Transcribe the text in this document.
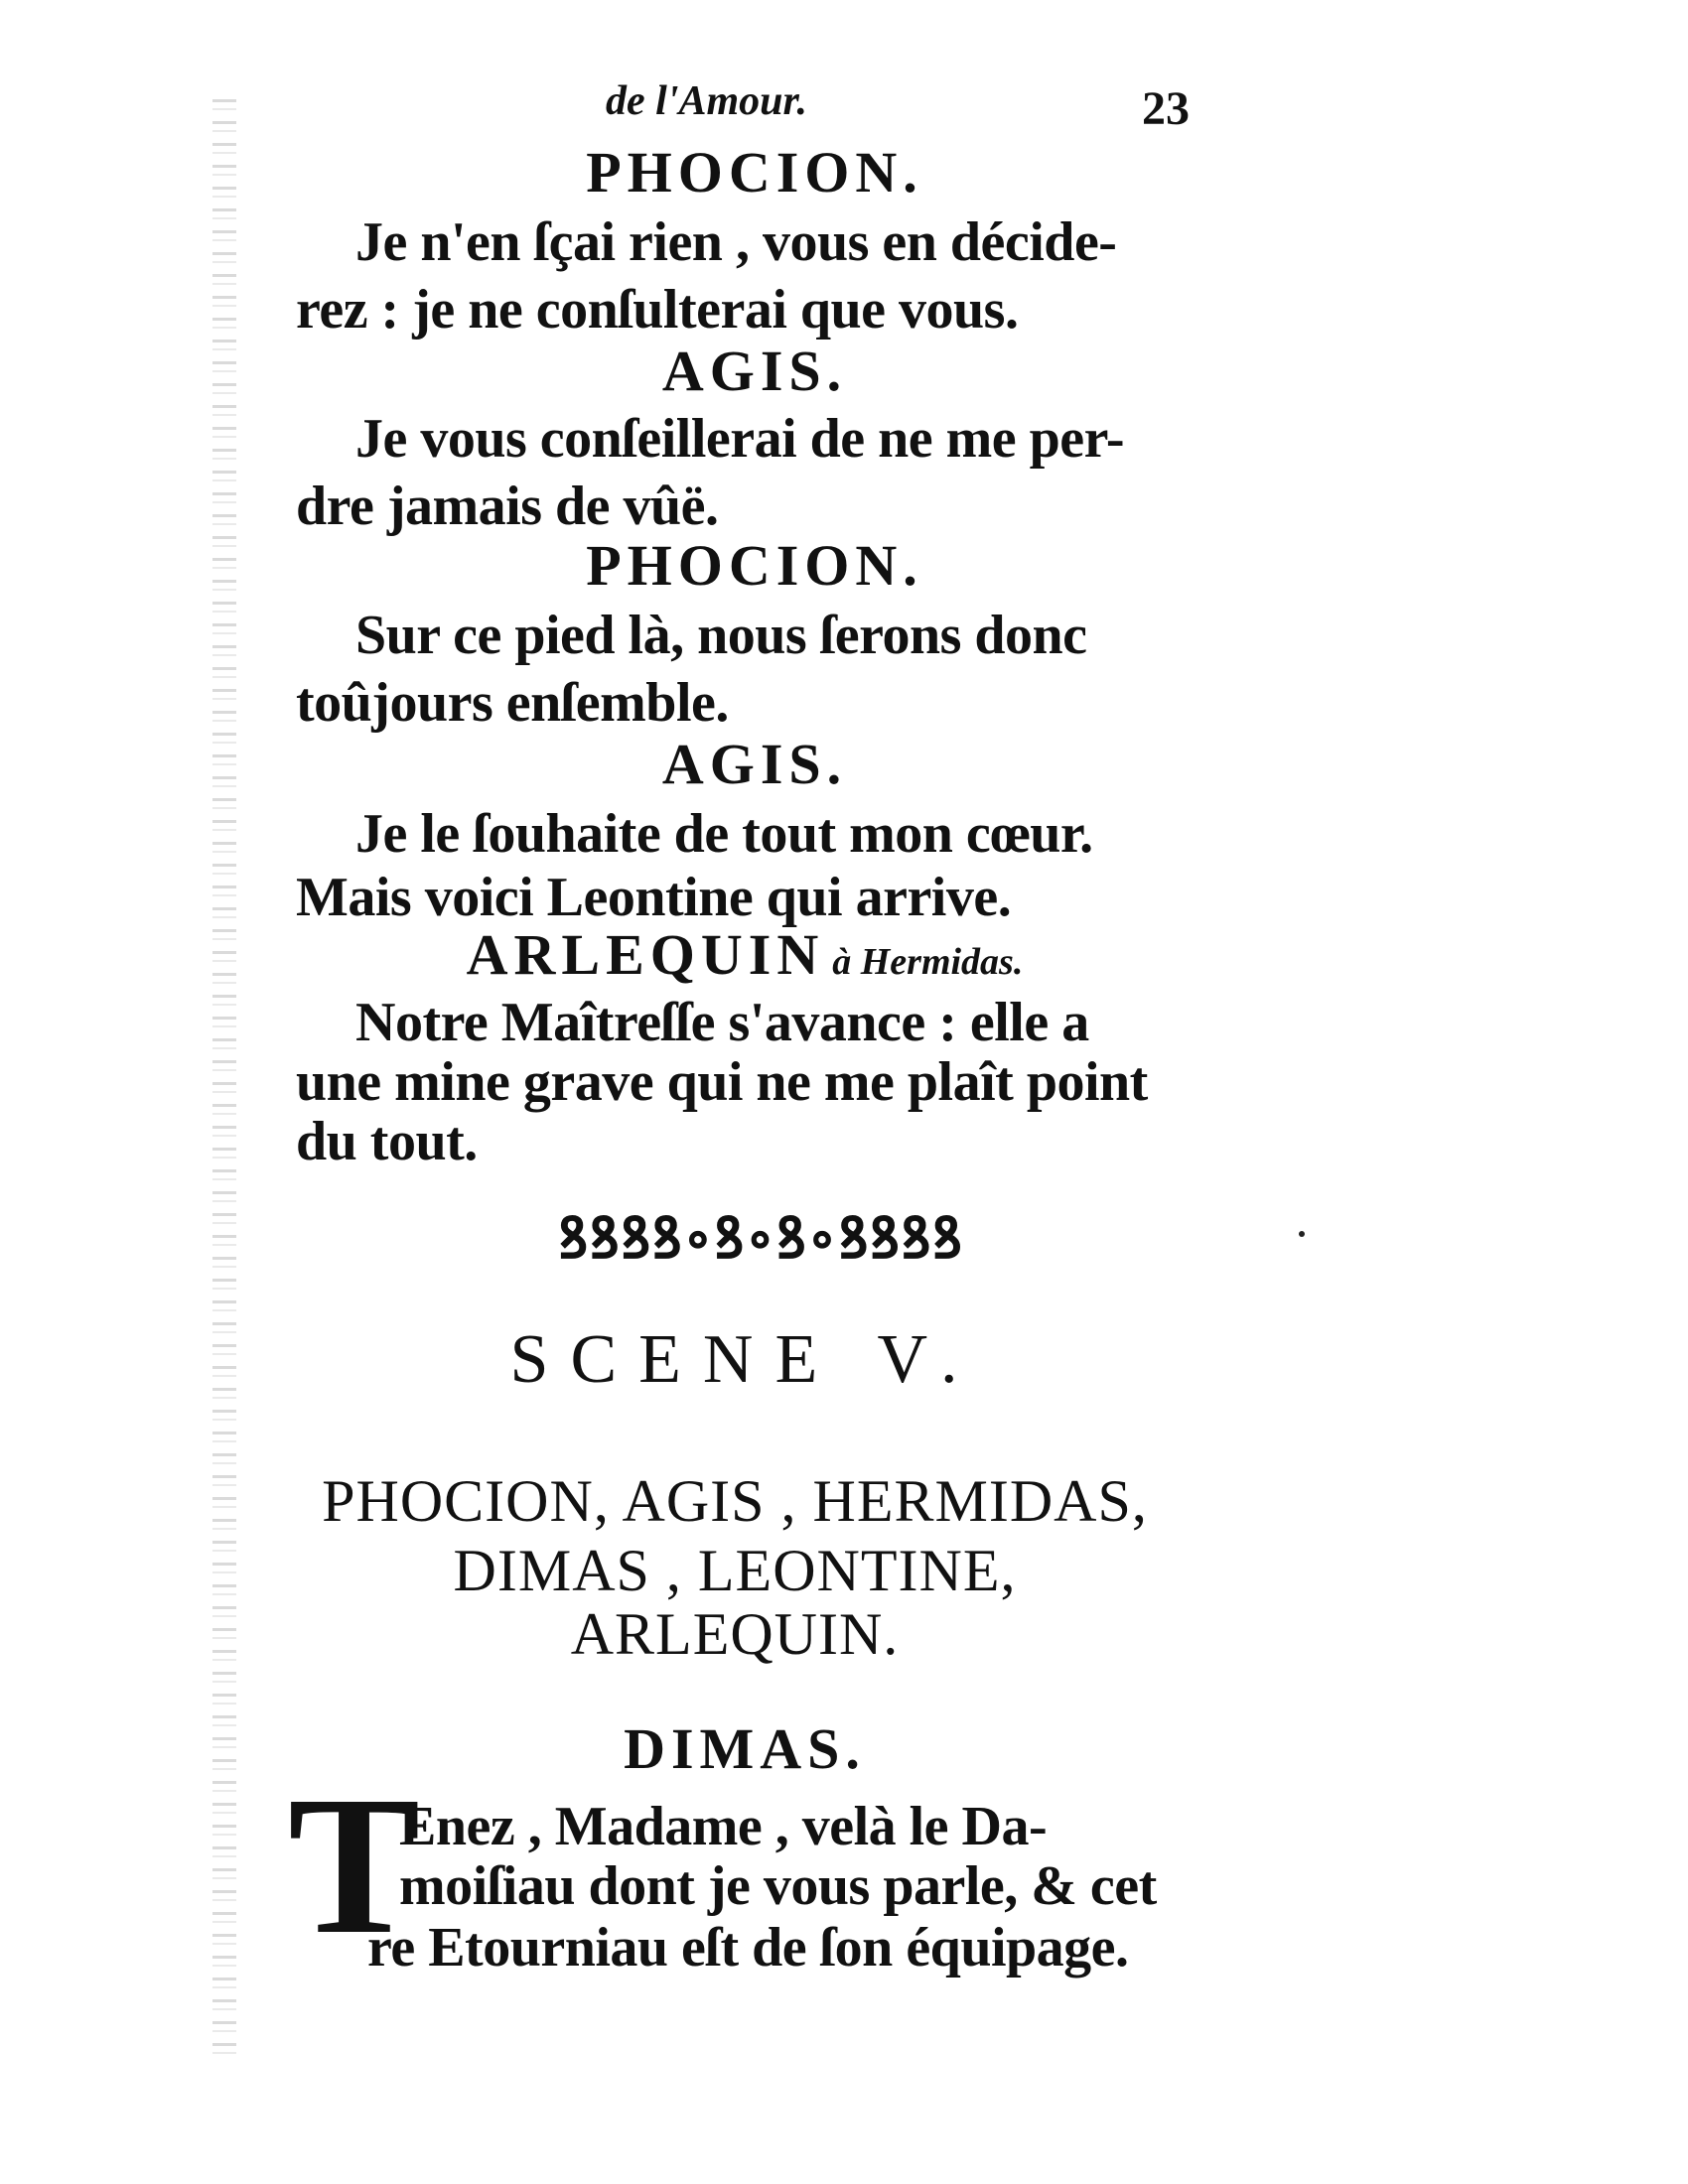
de l'Amour.	23
PHOCION.
Je n'en ſçai rien , vous en décide-
rez : je ne conſulterai que vous.
AGIS.
Je vous conſeillerai de ne me per-
dre jamais de vûë.
PHOCION.
Sur ce pied là, nous ſerons donc
toûjours enſemble.
AGIS.
Je le ſouhaite de tout mon cœur.
Mais voici Leontine qui arrive.
ARLEQUIN à Hermidas.
Notre Maîtreſſe s'avance : elle a
une mine grave qui ne me plaît point
du tout.
ꝸꝸꝸꝸ∘ꝸ∘ꝸ∘ꝸꝸꝸꝸ
SCENE V.
PHOCION, AGIS , HERMIDAS,
DIMAS , LEONTINE,
ARLEQUIN.
DIMAS.
T
Enez , Madame , velà le Da-
moiſiau dont je vous parle, & cet
re Etourniau eſt de ſon équipage.
